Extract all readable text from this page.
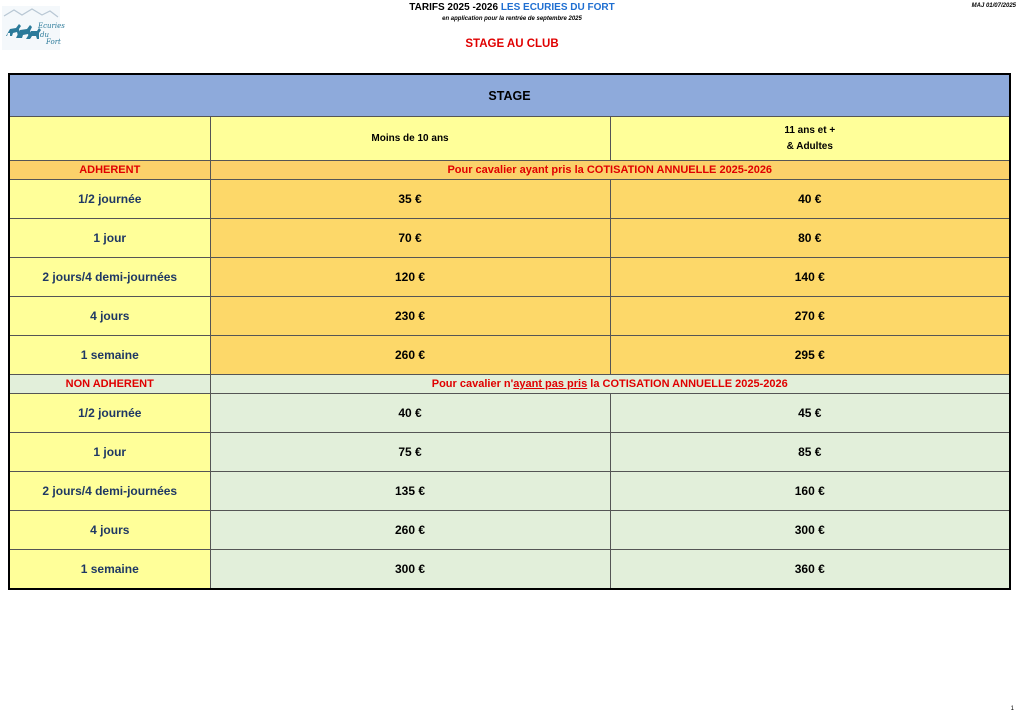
Ecuries
du
Fort
TARIFS 2025 -2026 LES ECURIES DU FORT
en application pour la rentrée de septembre 2025
MAJ 01/07/2025
STAGE AU CLUB
STAGE		
	Moins de 10 ans	11 ans et +
& Adultes
ADHERENT	Pour cavalier ayant pris la COTISATION ANNUELLE 2025-2026	
1/2 journée	35 €	40 €
1 jour	70 €	80 €
2 jours/4 demi-journées	120 €	140 €
4 jours	230 €	270 €
1 semaine	260 €	295 €
NON ADHERENT	Pour cavalier n'ayant pas pris la COTISATION ANNUELLE 2025-2026	
1/2 journée	40 €	45 €
1 jour	75 €	85 €
2 jours/4 demi-journées	135 €	160 €
4 jours	260 €	300 €
1 semaine	300 €	360 €
1
